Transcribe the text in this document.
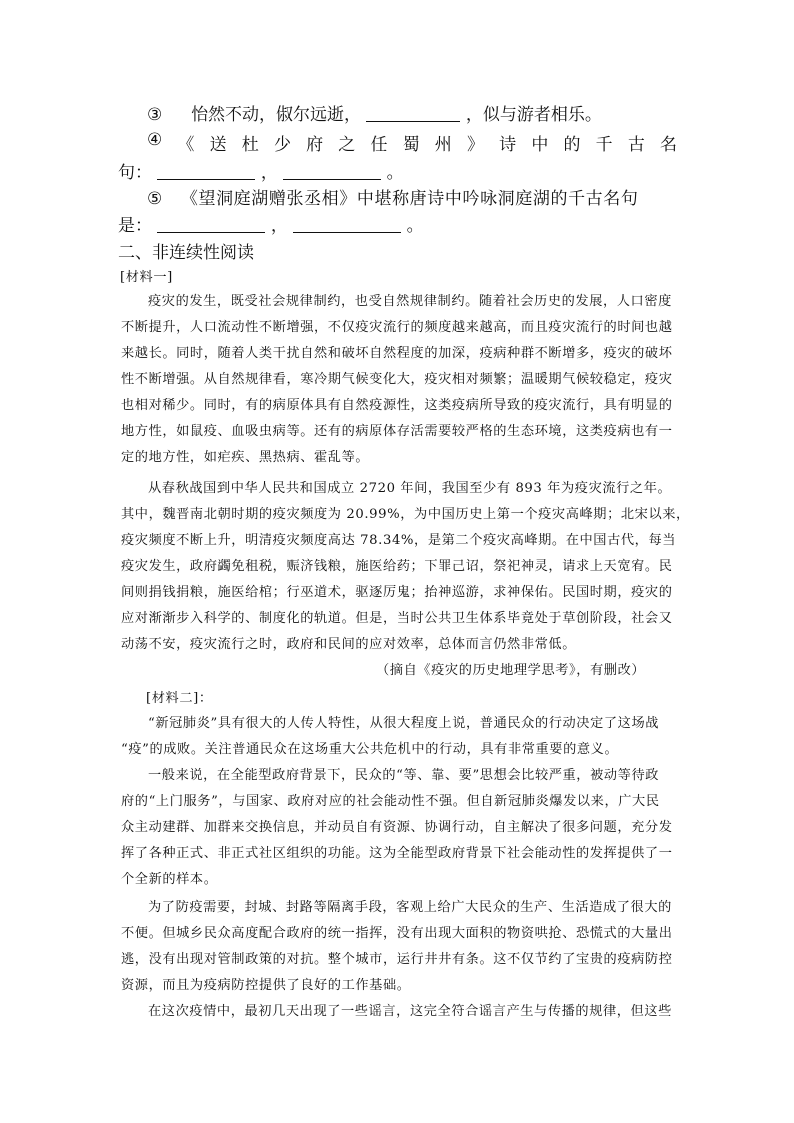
③ 怡然不动，俶尔远逝，	，似与游者相乐。
④ 《 送 杜 少 府 之 任 蜀 州 》 诗 中 的 千 古 名
句：	，	。
⑤ 《望洞庭湖赠张丞相》中堪称唐诗中吟咏洞庭湖的千古名句
是：	，	。
二、非连续性阅读
[材料一]
疫灾的发生，既受社会规律制约，也受自然规律制约。随着社会历史的发展，人口密度
不断提升，人口流动性不断增强，不仅疫灾流行的频度越来越高，而且疫灾流行的时间也越
来越长。同时，随着人类干扰自然和破坏自然程度的加深，疫病种群不断增多，疫灾的破坏
性不断增强。从自然规律看，寒冷期气候变化大，疫灾相对频繁；温暖期气候较稳定，疫灾
也相对稀少。同时，有的病原体具有自然疫源性，这类疫病所导致的疫灾流行，具有明显的
地方性，如鼠疫、血吸虫病等。还有的病原体存活需要较严格的生态环境，这类疫病也有一
定的地方性，如疟疾、黑热病、霍乱等。
从春秋战国到中华人民共和国成立 2720 年间，我国至少有 893 年为疫灾流行之年。
其中，魏晋南北朝时期的疫灾频度为 20.99%，为中国历史上第一个疫灾高峰期；北宋以来，
疫灾频度不断上升，明清疫灾频度高达 78.34%，是第二个疫灾高峰期。在中国古代，每当
疫灾发生，政府蠲免租税，赈济钱粮，施医给药；下罪己诏，祭祀神灵，请求上天宽宥。民
间则捐钱捐粮，施医给棺；行巫道术，驱逐厉鬼；抬神巡游，求神保佑。民国时期，疫灾的
应对渐渐步入科学的、制度化的轨道。但是，当时公共卫生体系毕竟处于草创阶段，社会又
动荡不安，疫灾流行之时，政府和民间的应对效率，总体而言仍然非常低。
（摘自《疫灾的历史地理学思考》，有删改）
[材料二]：
“新冠肺炎”具有很大的人传人特性，从很大程度上说，普通民众的行动决定了这场战
“疫”的成败。关注普通民众在这场重大公共危机中的行动，具有非常重要的意义。
一般来说，在全能型政府背景下，民众的“等、靠、要”思想会比较严重，被动等待政
府的“上门服务”，与国家、政府对应的社会能动性不强。但自新冠肺炎爆发以来，广大民
众主动建群、加群来交换信息，并动员自有资源、协调行动，自主解决了很多问题，充分发
挥了各种正式、非正式社区组织的功能。这为全能型政府背景下社会能动性的发挥提供了一
个全新的样本。
为了防疫需要，封城、封路等隔离手段，客观上给广大民众的生产、生活造成了很大的
不便。但城乡民众高度配合政府的统一指挥，没有出现大面积的物资哄抢、恐慌式的大量出
逃，没有出现对管制政策的对抗。整个城市，运行井井有条。这不仅节约了宝贵的疫病防控
资源，而且为疫病防控提供了良好的工作基础。
在这次疫情中，最初几天出现了一些谣言，这完全符合谣言产生与传播的规律，但这些
